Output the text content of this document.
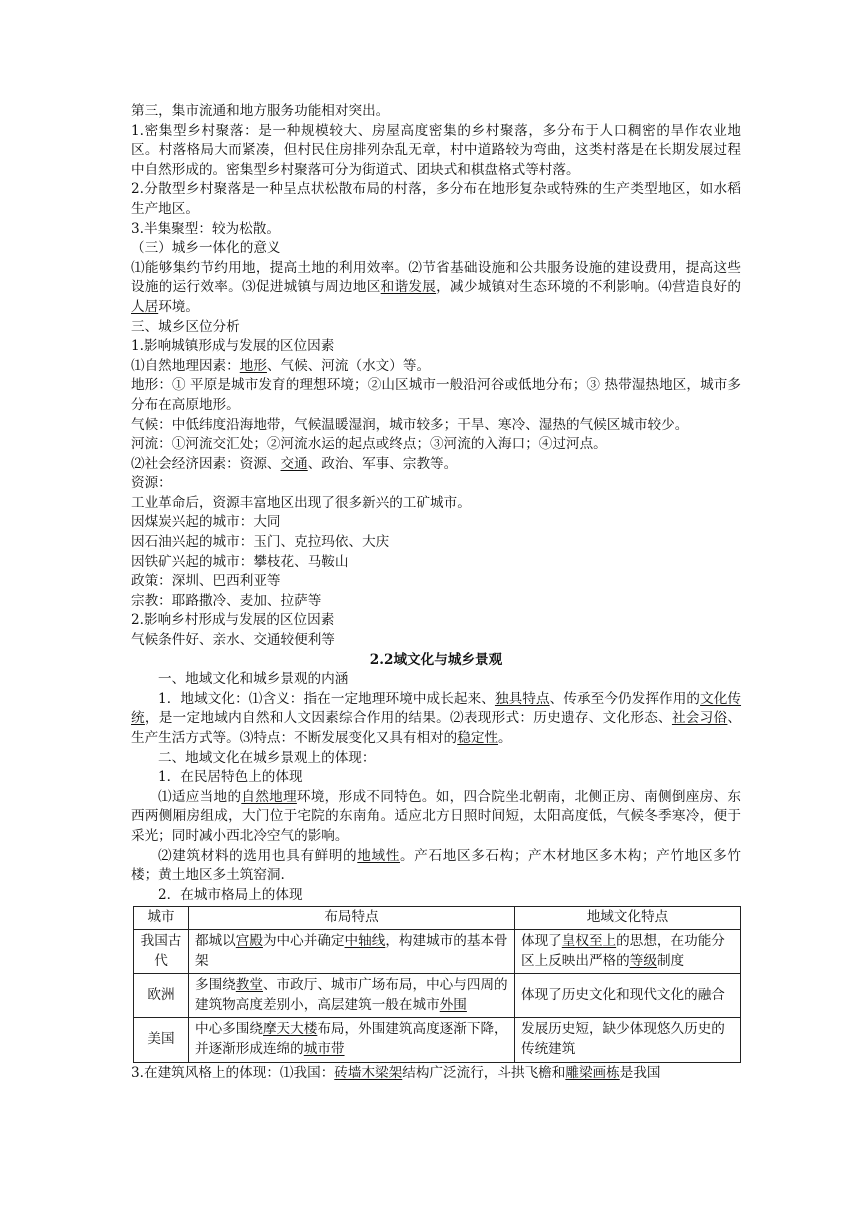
第三，集市流通和地方服务功能相对突出。

1.密集型乡村聚落：是一种规模较大、房屋高度密集的乡村聚落，多分布于人口稠密的旱作农业地区。村落格局大而紧凑，但村民住房排列杂乱无章，村中道路较为弯曲，这类村落是在长期发展过程中自然形成的。密集型乡村聚落可分为街道式、团块式和棋盘格式等村落。

2.分散型乡村聚落是一种呈点状松散布局的村落，多分布在地形复杂或特殊的生产类型地区，如水稻生产地区。

3.半集聚型：较为松散。

（三）城乡一体化的意义

⑴能够集约节约用地，提高土地的利用效率。⑵节省基础设施和公共服务设施的建设费用，提高这些设施的运行效率。⑶促进城镇与周边地区和谐发展，减少城镇对生态环境的不利影响。⑷营造良好的人居环境。

三、城乡区位分析

1.影响城镇形成与发展的区位因素

⑴自然地理因素：地形、气候、河流（水文）等。

地形：① 平原是城市发育的理想环境；②山区城市一般沿河谷或低地分布；③ 热带湿热地区，城市多分布在高原地形。

气候：中低纬度沿海地带，气候温暖湿润，城市较多；干旱、寒冷、湿热的气候区城市较少。

河流：①河流交汇处；②河流水运的起点或终点；③河流的入海口；④过河点。

⑵社会经济因素：资源、交通、政治、军事、宗教等。

资源：

工业革命后，资源丰富地区出现了很多新兴的工矿城市。

因煤炭兴起的城市：大同

因石油兴起的城市：玉门、克拉玛依、大庆

因铁矿兴起的城市：攀枝花、马鞍山

政策：深圳、巴西利亚等

宗教：耶路撒冷、麦加、拉萨等

2.影响乡村形成与发展的区位因素

气候条件好、亲水、交通较便利等

2.2域文化与城乡景观

一、地域文化和城乡景观的内涵

1．地域文化：⑴含义：指在一定地理环境中成长起来、独具特点、传承至今仍发挥作用的文化传统，是一定地域内自然和人文因素综合作用的结果。⑵表现形式：历史遗存、文化形态、社会习俗、生产生活方式等。⑶特点：不断发展变化又具有相对的稳定性。

二、地域文化在城乡景观上的体现：

1．在民居特色上的体现

⑴适应当地的自然地理环境，形成不同特色。如，四合院坐北朝南，北侧正房、南侧倒座房、东西两侧厢房组成，大门位于宅院的东南角。适应北方日照时间短，太阳高度低，气候冬季寒冷，便于采光；同时减小西北冷空气的影响。

⑵建筑材料的选用也具有鲜明的地域性。产石地区多石构；产木材地区多木构；产竹地区多竹楼；黄土地区多土筑窑洞.

2．在城市格局上的体现

城市	布局特点	地域文化特点
我国古代	都城以宫殿为中心并确定中轴线，构建城市的基本骨架	体现了皇权至上的思想，在功能分区上反映出严格的等级制度
欧洲	多围绕教堂、市政厅、城市广场布局，中心与四周的建筑物高度差别小，高层建筑一般在城市外围	体现了历史文化和现代文化的融合
美国	中心多围绕摩天大楼布局，外围建筑高度逐渐下降，并逐渐形成连绵的城市带	发展历史短，缺少体现悠久历史的传统建筑

3.在建筑风格上的体现：⑴我国：砖墙木梁架结构广泛流行，斗拱飞檐和雕梁画栋是我国
